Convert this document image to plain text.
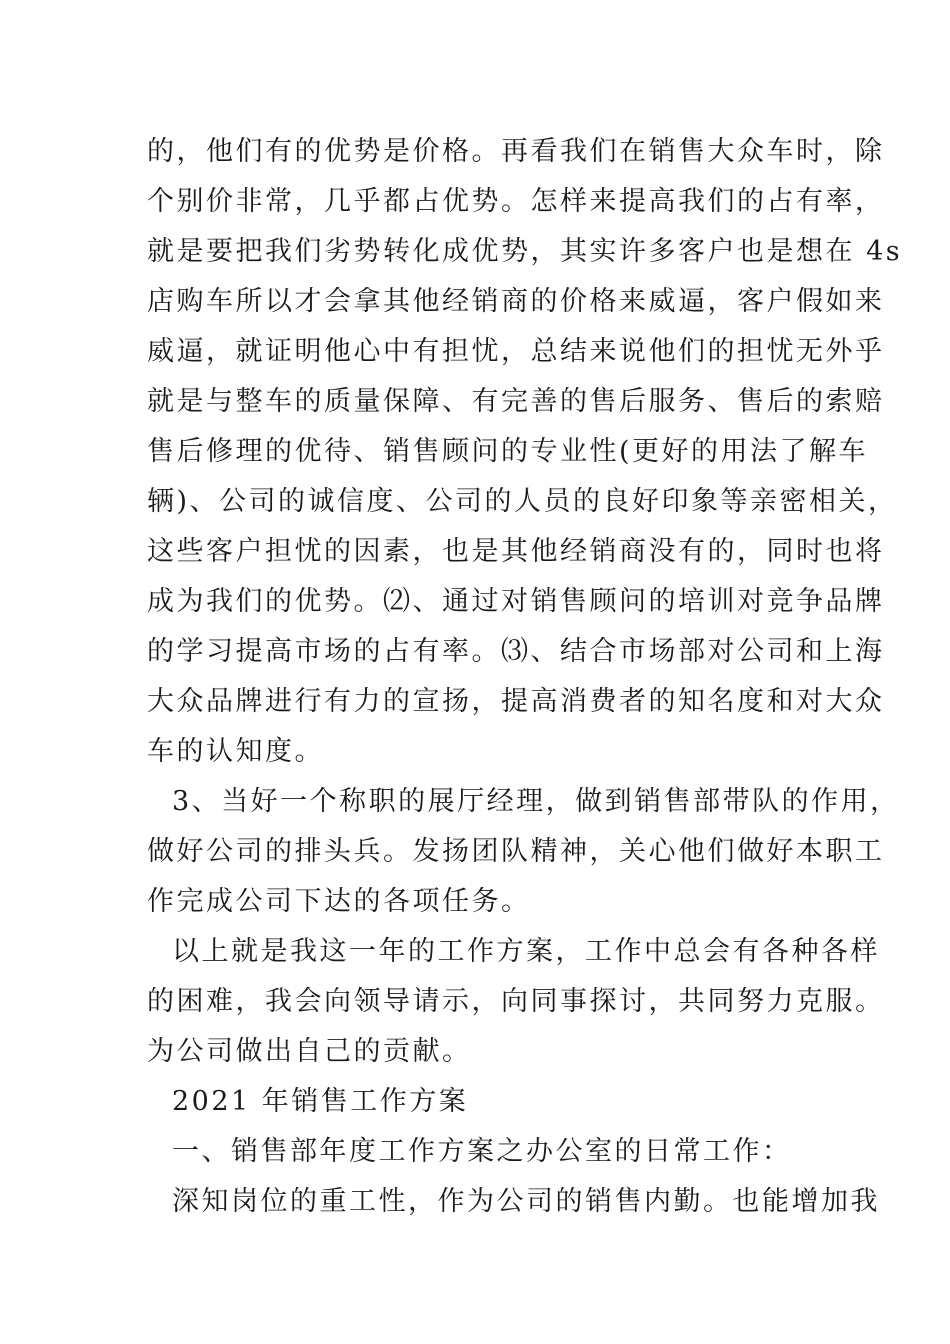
的，他们有的优势是价格。再看我们在销售大众车时，除
个别价非常，几乎都占优势。怎样来提高我们的占有率，
就是要把我们劣势转化成优势，其实许多客户也是想在 4s
店购车所以才会拿其他经销商的价格来威逼，客户假如来
威逼，就证明他心中有担忧，总结来说他们的担忧无外乎
就是与整车的质量保障、有完善的售后服务、售后的索赔
售后修理的优待、销售顾问的专业性(更好的用法了解车
辆)、公司的诚信度、公司的人员的良好印象等亲密相关，
这些客户担忧的因素，也是其他经销商没有的，同时也将
成为我们的优势。⑵、通过对销售顾问的培训对竞争品牌
的学习提高市场的占有率。⑶、结合市场部对公司和上海
大众品牌进行有力的宣扬，提高消费者的知名度和对大众
车的认知度。
3、当好一个称职的展厅经理，做到销售部带队的作用，
做好公司的排头兵。发扬团队精神，关心他们做好本职工
作完成公司下达的各项任务。
以上就是我这一年的工作方案，工作中总会有各种各样
的困难，我会向领导请示，向同事探讨，共同努力克服。
为公司做出自己的贡献。
2021 年销售工作方案
一、销售部年度工作方案之办公室的日常工作：
深知岗位的重工性，作为公司的销售内勤。也能增加我
